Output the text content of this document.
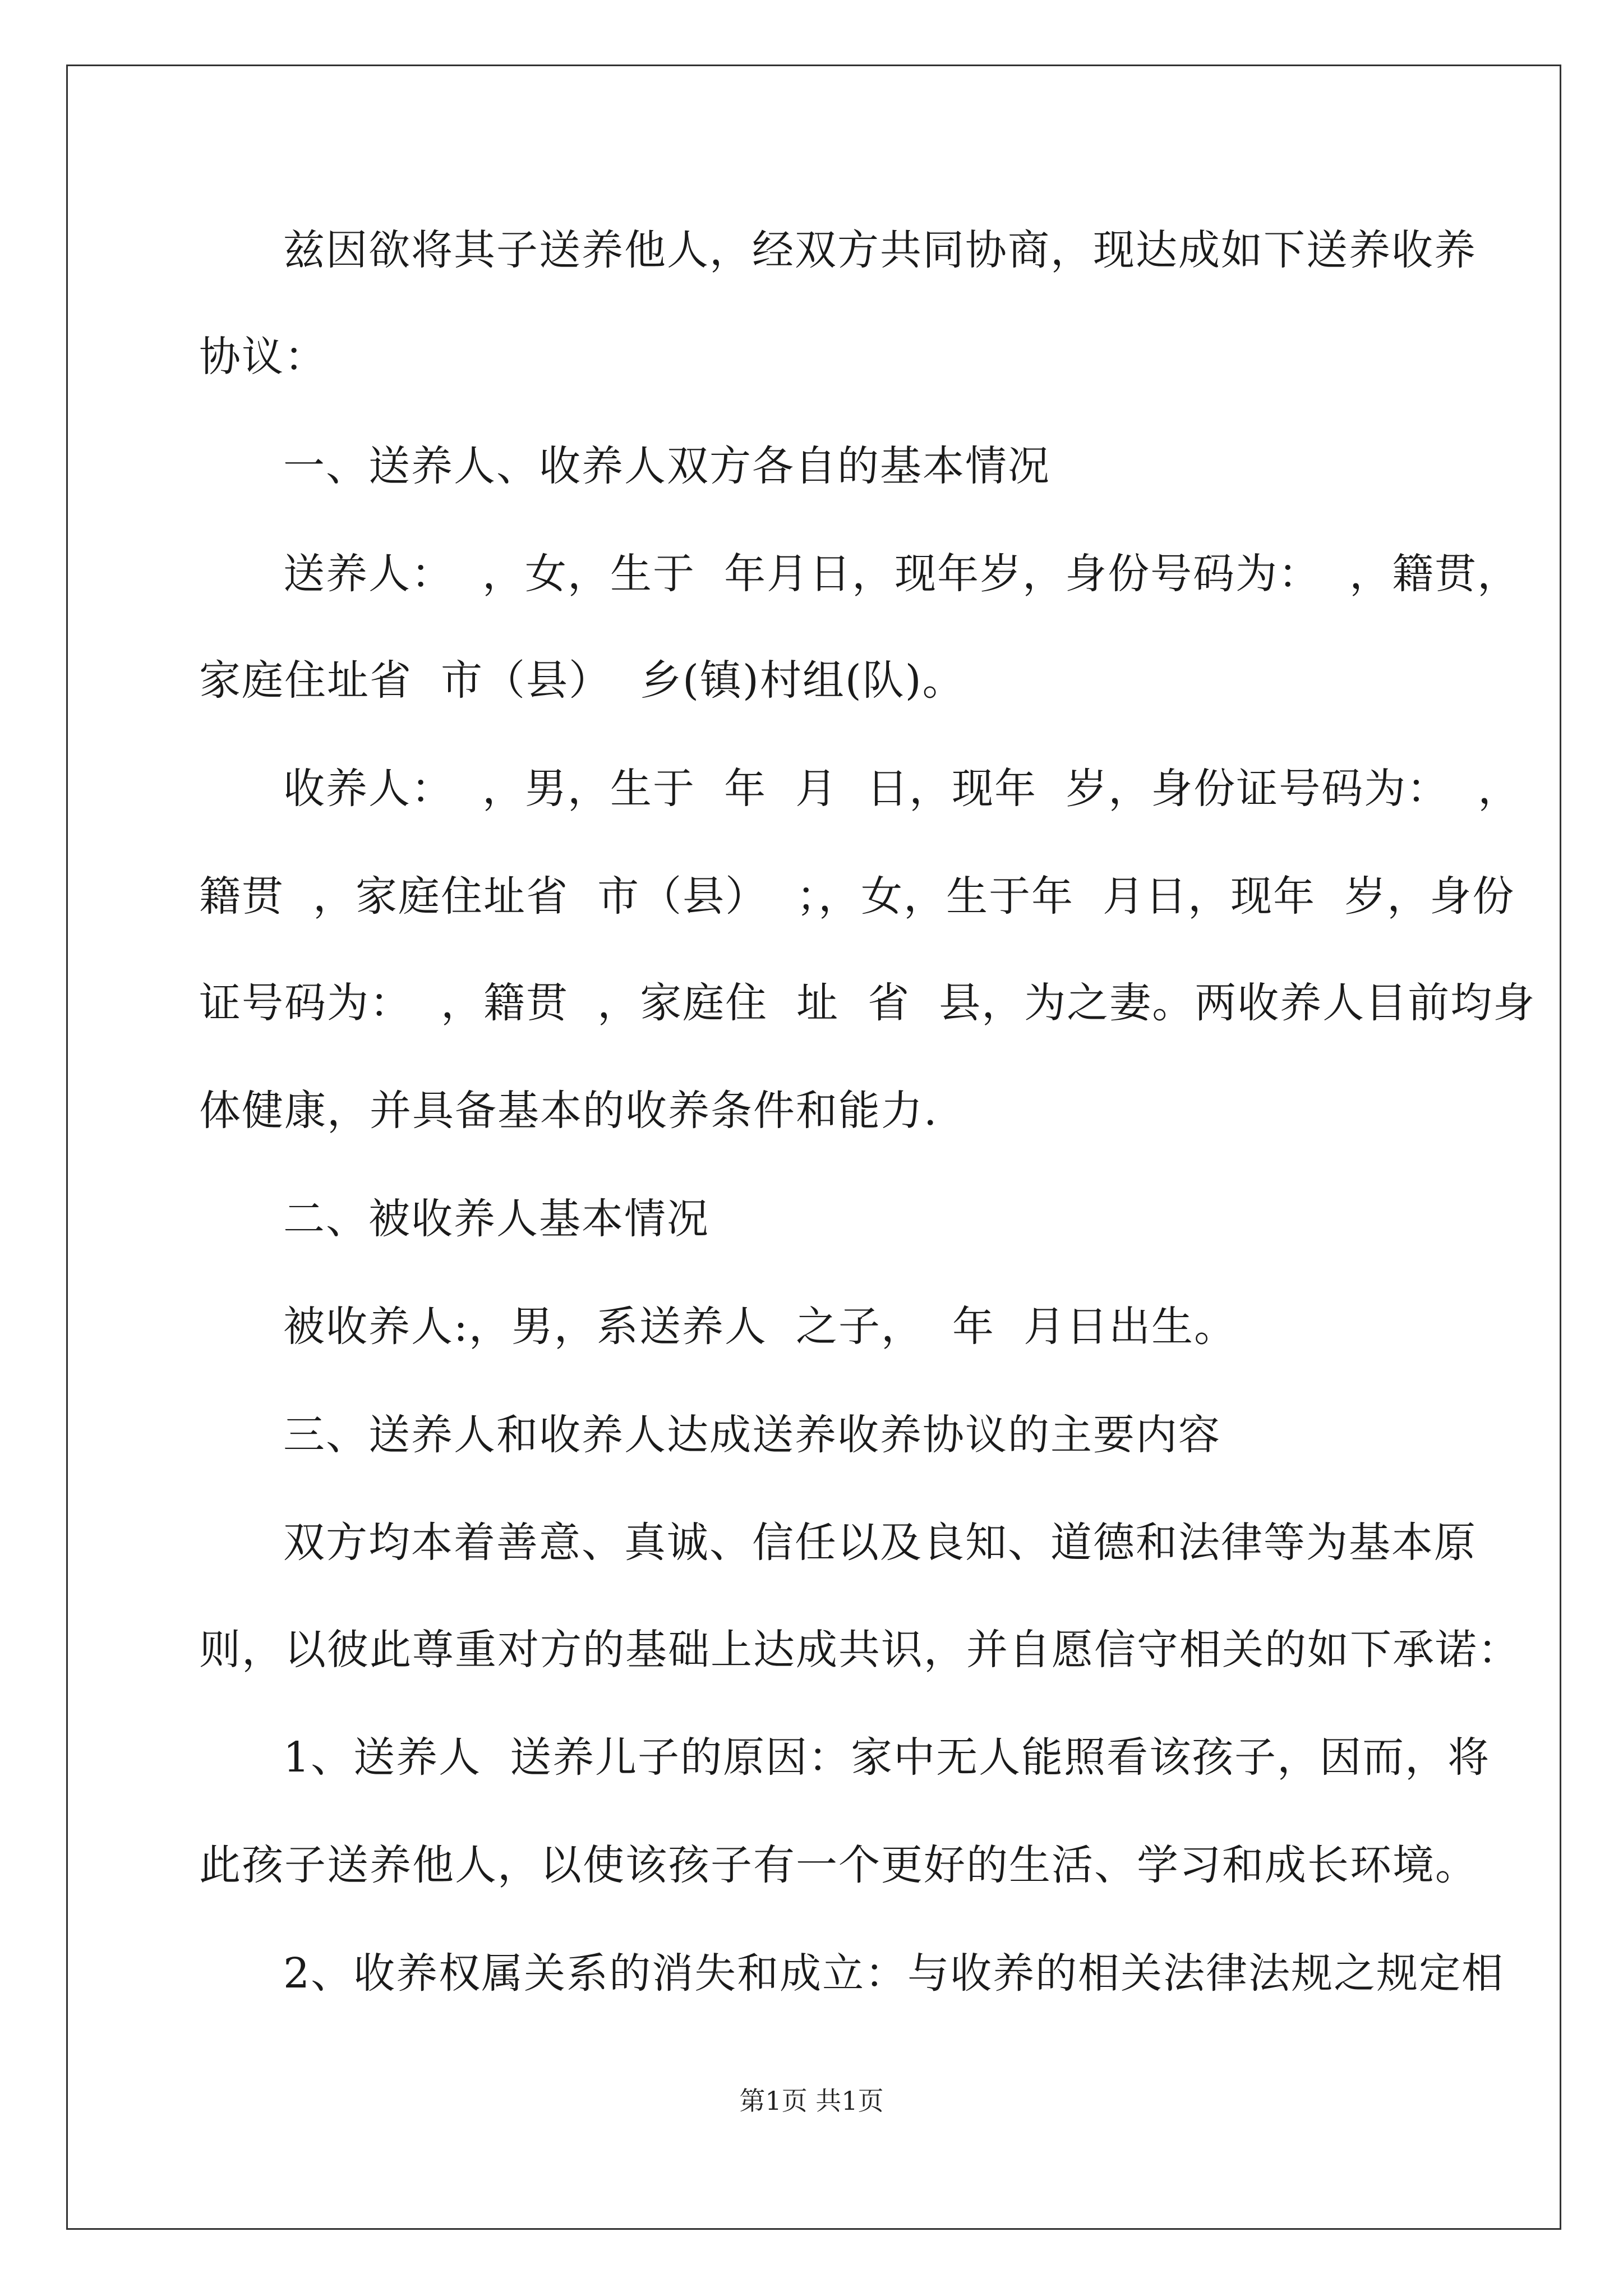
兹因欲将其子送养他人，经双方共同协商，现达成如下送养收养
协议：
一、送养人、收养人双方各自的基本情况
送养人：  ，女，生于  年月日，现年岁，身份号码为：  ，籍贯，
家庭住址省  市（县）  乡(镇)村组(队)。
收养人：  ，男，生于  年  月  日，现年  岁，身份证号码为：  ，
籍贯  ，家庭住址省  市（县）  ；，女，生于年  月日，现年  岁，身份
证号码为：  ，籍贯  ，家庭住  址  省  县，为之妻。两收养人目前均身
体健康，并具备基本的收养条件和能力.
二、被收养人基本情况
被收养人:，男，系送养人  之子，  年  月日出生。
三、送养人和收养人达成送养收养协议的主要内容
双方均本着善意、真诚、信任以及良知、道德和法律等为基本原
则，以彼此尊重对方的基础上达成共识，并自愿信守相关的如下承诺：
1、送养人  送养儿子的原因：家中无人能照看该孩子，因而，将
此孩子送养他人，以使该孩子有一个更好的生活、学习和成长环境。
2、收养权属关系的消失和成立：与收养的相关法律法规之规定相
第1页 共1页
